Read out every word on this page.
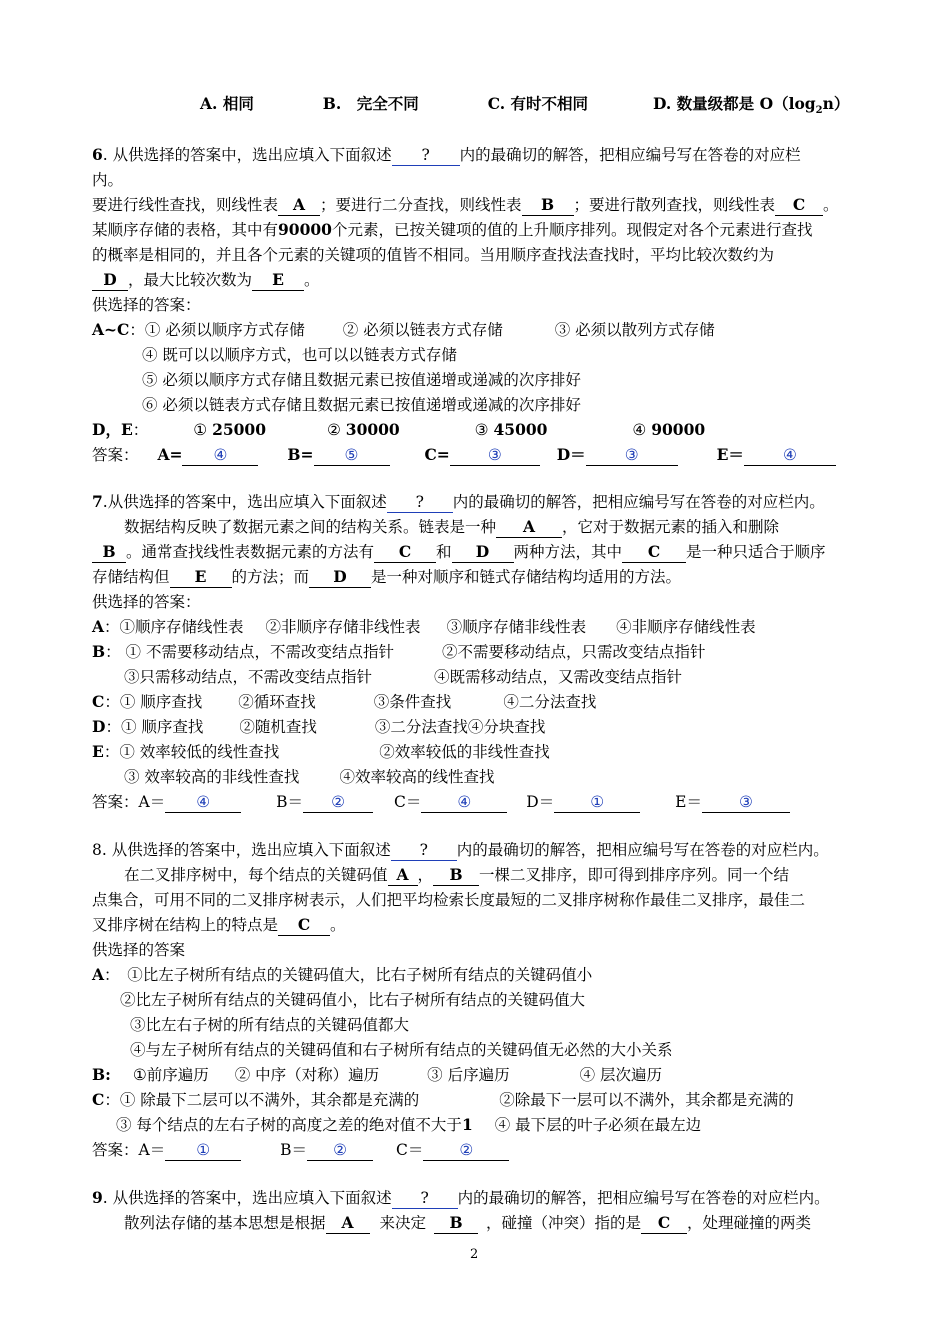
A. 相同	B.　完全不同	C. 有时不相同	D. 数量级都是 $O(\log_2n)$
6. 从供选择的答案中，选出应填入下面叙述 ? 内的最确切的解答，把相应编号写在答卷的对应栏
内。
要进行线性查找，则线性表 A ；要进行二分查找，则线性表 B ；要进行散列查找，则线性表 C 。
某顺序存储的表格，其中有90000个元素，已按关键项的值的上升顺序排列。现假定对各个元素进行查找
的概率是相同的，并且各个元素的关键项的值皆不相同。当用顺序查找法查找时，平均比较次数约为
D ，最大比较次数为 E 。
供选择的答案：
A~C：① 必须以顺序方式存储 ② 必须以链表方式存储	③ 必须以散列方式存储
④ 既可以以顺序方式，也可以以链表方式存储
⑤ 必须以顺序方式存储且数据元素已按值递增或递减的次序排好
⑥ 必须以链表方式存储且数据元素已按值递增或递减的次序排好
D，E：	① 25000	② 30000	③ 45000	④ 90000
答案： A= ④	B= ⑤	C= ③	D＝	③	E＝	④
7.从供选择的答案中，选出应填入下面叙述 ? 内的最确切的解答，把相应编号写在答卷的对应栏内。
数据结构反映了数据元素之间的结构关系。链表是一种 A ，它对于数据元素的插入和删除
B 。通常查找线性表数据元素的方法有 C 和 D 两种方法，其中 C 是一种只适合于顺序
存储结构但 E 的方法；而 D 是一种对顺序和链式存储结构均适用的方法。
供选择的答案：
A：①顺序存储线性表 ②非顺序存储非线性表 ③顺序存储非线性表 ④非顺序存储线性表
B： ① 不需要移动结点，不需改变结点指针	②不需要移动结点，只需改变结点指针
③只需移动结点，不需改变结点指针	④既需移动结点，又需改变结点指针
C：① 顺序查找 ②循环查找	③条件查找	④二分法查找
D：① 顺序查找 ②随机查找	③二分法查找④分块查找
E：① 效率较低的线性查找	②效率较低的非线性查找
③ 效率较高的非线性查找	④效率较高的线性查找
答案：A＝ ④	B＝ ②	C＝ ④	D＝ ①	E＝ ③
8. 从供选择的答案中，选出应填入下面叙述 ? 内的最确切的解答，把相应编号写在答卷的对应栏内。
在二叉排序树中，每个结点的关键码值 A ， B 一棵二叉排序，即可得到排序序列。同一个结
点集合，可用不同的二叉排序树表示，人们把平均检索长度最短的二叉排序树称作最佳二叉排序，最佳二
叉排序树在结构上的特点是 C 。
供选择的答案
A：　①比左子树所有结点的关键码值大，比右子树所有结点的关键码值小
②比左子树所有结点的关键码值小，比右子树所有结点的关键码值大
③比左右子树的所有结点的关键码值都大
④与左子树所有结点的关键码值和右子树所有结点的关键码值无必然的大小关系
B: ①前序遍历 ② 中序（对称）遍历	③ 后序遍历	④ 层次遍历
C：① 除最下二层可以不满外，其余都是充满的	②除最下一层可以不满外，其余都是充满的
③ 每个结点的左右子树的高度之差的绝对值不大于1 ④ 最下层的叶子必须在最左边
答案：A＝ ①	B＝ ②	C＝ ②
9. 从供选择的答案中，选出应填入下面叙述 ? 内的最确切的解答，把相应编号写在答卷的对应栏内。
散列法存储的基本思想是根据 A 来决定 B ，碰撞（冲突）指的是 C ，处理碰撞的两类
2
